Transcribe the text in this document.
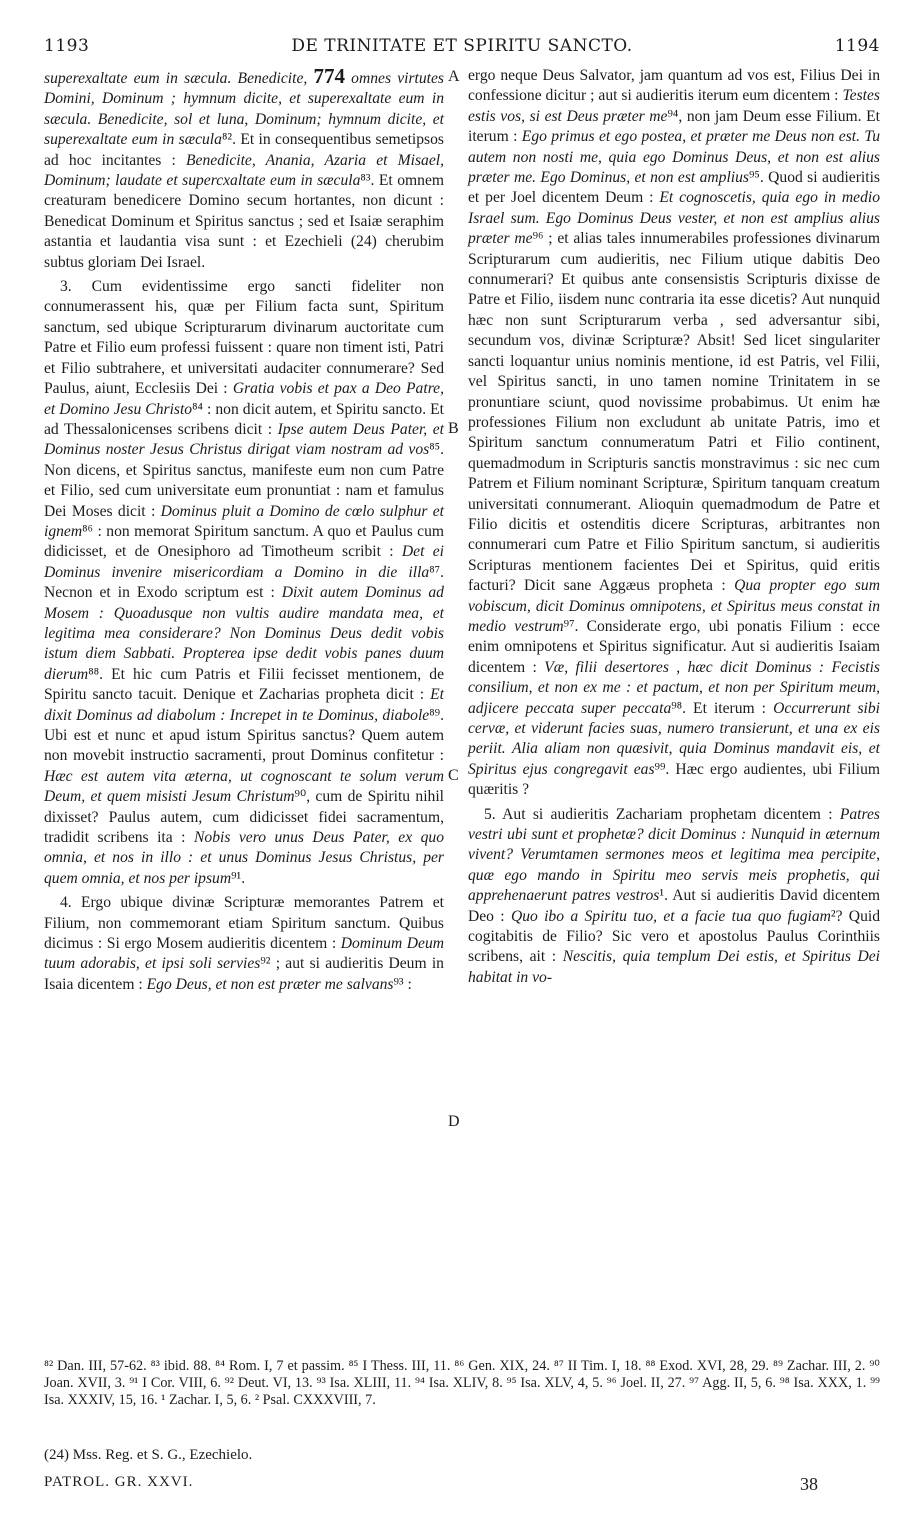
1193	DE TRINITATE ET SPIRITU SANCTO.	1194

superexaltate eum in sæcula. Benedicite, 774 omnes virtutes Domini, Dominum ; hymnum dicite, et superexaltate eum in sæcula. Benedicite, sol et luna, Dominum; hymnum dicite, et superexaltate eum in sæcula⁸². Et in consequentibus semetipsos ad hoc incitantes : Benedicite, Anania, Azaria et Misael, Dominum; laudate et supercxaltate eum in sæcula⁸³. Et omnem creaturam benedicere Domino secum hortantes, non dicunt : Benedicat Dominum et Spiritus sanctus ; sed et Isaiæ seraphim astantia et laudantia visa sunt : et Ezechieli (24) cherubim subtus gloriam Dei Israel.

3. Cum evidentissime ergo sancti fideliter non connumerassent his, quæ per Filium facta sunt, Spiritum sanctum, sed ubique Scripturarum divinarum auctoritate cum Patre et Filio eum professi fuissent : quare non timent isti, Patri et Filio subtrahere, et universitati audaciter connumerare? Sed Paulus, aiunt, Ecclesiis Dei : Gratia vobis et pax a Deo Patre, et Domino Jesu Christo⁸⁴ : non dicit autem, et Spiritu sancto. Et ad Thessalonicenses scribens dicit : Ipse autem Deus Pater, et Dominus noster Jesus Christus dirigat viam nostram ad vos⁸⁵. Non dicens, et Spiritus sanctus, manifeste eum non cum Patre et Filio, sed cum universitate eum pronuntiat : nam et famulus Dei Moses dicit : Dominus pluit a Domino de cœlo sulphur et ignem⁸⁶ : non memorat Spiritum sanctum. A quo et Paulus cum didicisset, et de Onesiphoro ad Timotheum scribit : Det ei Dominus invenire misericordiam a Domino in die illa⁸⁷. Necnon et in Exodo scriptum est : Dixit autem Dominus ad Mosem : Quoadusque non vultis audire mandata mea, et legitima mea considerare? Non Dominus Deus dedit vobis istum diem Sabbati. Propterea ipse dedit vobis panes duum dierum⁸⁸. Et hic cum Patris et Filii fecisset mentionem, de Spiritu sancto tacuit. Denique et Zacharias propheta dicit : Et dixit Dominus ad diabolum : Increpet in te Dominus, diabole⁸⁹. Ubi est et nunc et apud istum Spiritus sanctus? Quem autem non movebit instructio sacramenti, prout Dominus confitetur : Hæc est autem vita æterna, ut cognoscant te solum verum Deum, et quem misisti Jesum Christum⁹⁰, cum de Spiritu nihil dixisset? Paulus autem, cum didicisset fidei sacramentum, tradidit scribens ita : Nobis vero unus Deus Pater, ex quo omnia, et nos in illo : et unus Dominus Jesus Christus, per quem omnia, et nos per ipsum⁹¹.

4. Ergo ubique divinæ Scripturæ memorantes Patrem et Filium, non commemorant etiam Spiritum sanctum. Quibus dicimus : Si ergo Mosem audieritis dicentem : Dominum Deum tuum adorabis, et ipsi soli servies⁹² ; aut si audieritis Deum in Isaia dicentem : Ego Deus, et non est præter me salvans⁹³ :

ergo neque Deus Salvator, jam quantum ad vos est, Filius Dei in confessione dicitur ; aut si audieritis iterum eum dicentem : Testes estis vos, si est Deus præter me⁹⁴, non jam Deum esse Filium. Et iterum : Ego primus et ego postea, et præter me Deus non est. Tu autem non nosti me, quia ego Dominus Deus, et non est alius præter me. Ego Dominus, et non est amplius⁹⁵. Quod si audieritis et per Joel dicentem Deum : Et cognoscetis, quia ego in medio Israel sum. Ego Dominus Deus vester, et non est amplius alius præter me⁹⁶ ; et alias tales innumerabiles professiones divinarum Scripturarum cum audieritis, nec Filium utique dabitis Deo connumerari? Et quibus ante consensistis Scripturis dixisse de Patre et Filio, iisdem nunc contraria ita esse dicetis? Aut nunquid hæc non sunt Scripturarum verba , sed adversantur sibi, secundum vos, divinæ Scripturæ? Absit! Sed licet singulariter sancti loquantur unius nominis mentione, id est Patris, vel Filii, vel Spiritus sancti, in uno tamen nomine Trinitatem in se pronuntiare sciunt, quod novissime probabimus. Ut enim hæ professiones Filium non excludunt ab unitate Patris, imo et Spiritum sanctum connumeratum Patri et Filio continent, quemadmodum in Scripturis sanctis monstravimus : sic nec cum Patrem et Filium nominant Scripturæ, Spiritum tanquam creatum universitati connumerant. Alioquin quemadmodum de Patre et Filio dicitis et ostenditis dicere Scripturas, arbitrantes non connumerari cum Patre et Filio Spiritum sanctum, si audieritis Scripturas mentionem facientes Dei et Spiritus, quid eritis facturi? Dicit sane Aggæus propheta : Qua propter ego sum vobiscum, dicit Dominus omnipotens, et Spiritus meus constat in medio vestrum⁹⁷. Considerate ergo, ubi ponatis Filium : ecce enim omnipotens et Spiritus significatur. Aut si audieritis Isaiam dicentem : Væ, filii desertores , hæc dicit Dominus : Fecistis consilium, et non ex me : et pactum, et non per Spiritum meum, adjicere peccata super peccata⁹⁸. Et iterum : Occurrerunt sibi cervæ, et viderunt facies suas, numero transierunt, et una ex eis periit. Alia aliam non quæsivit, quia Dominus mandavit eis, et Spiritus ejus congregavit eas⁹⁹. Hæc ergo audientes, ubi Filium quæritis ?

5. Aut si audieritis Zachariam prophetam dicentem : Patres vestri ubi sunt et prophetæ? dicit Dominus : Nunquid in æternum vivent? Verumtamen sermones meos et legitima mea percipite, quæ ego mando in Spiritu meo servis meis prophetis, qui apprehenaerunt patres vestros¹. Aut si audieritis David dicentem Deo : Quo ibo a Spiritu tuo, et a facie tua quo fugiam²? Quid cogitabitis de Filio? Sic vero et apostolus Paulus Corinthiis scribens, ait : Nescitis, quia templum Dei estis, et Spiritus Dei habitat in vo-

A
B
C
D
⁸² Dan. III, 57-62. ⁸³ ibid. 88. ⁸⁴ Rom. I, 7 et passim. ⁸⁵ I Thess. III, 11. ⁸⁶ Gen. XIX, 24. ⁸⁷ II Tim. I, 18. ⁸⁸ Exod. XVI, 28, 29. ⁸⁹ Zachar. III, 2. ⁹⁰ Joan. XVII, 3. ⁹¹ I Cor. VIII, 6. ⁹² Deut. VI, 13. ⁹³ Isa. XLIII, 11. ⁹⁴ Isa. XLIV, 8. ⁹⁵ Isa. XLV, 4, 5. ⁹⁶ Joel. II, 27. ⁹⁷ Agg. II, 5, 6. ⁹⁸ Isa. XXX, 1. ⁹⁹ Isa. XXXIV, 15, 16. ¹ Zachar. I, 5, 6. ² Psal. CXXXVIII, 7.
(24) Mss. Reg. et S. G., Ezechielo.
PATROL. GR. XXVI.	38
